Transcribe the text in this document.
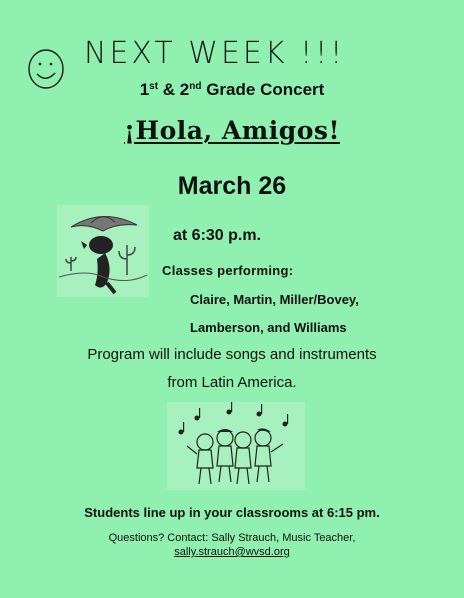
NEXT WEEK !!!
1st & 2nd Grade Concert
¡Hola, Amigos!
March 26
at 6:30 p.m.
Classes performing:
Claire, Martin, Miller/Bovey,
Lamberson, and Williams
Program will include songs and instruments
from Latin America.
Students line up in your classrooms at 6:15 pm.
Questions? Contact: Sally Strauch, Music Teacher,
sally.strauch@wvsd.org
